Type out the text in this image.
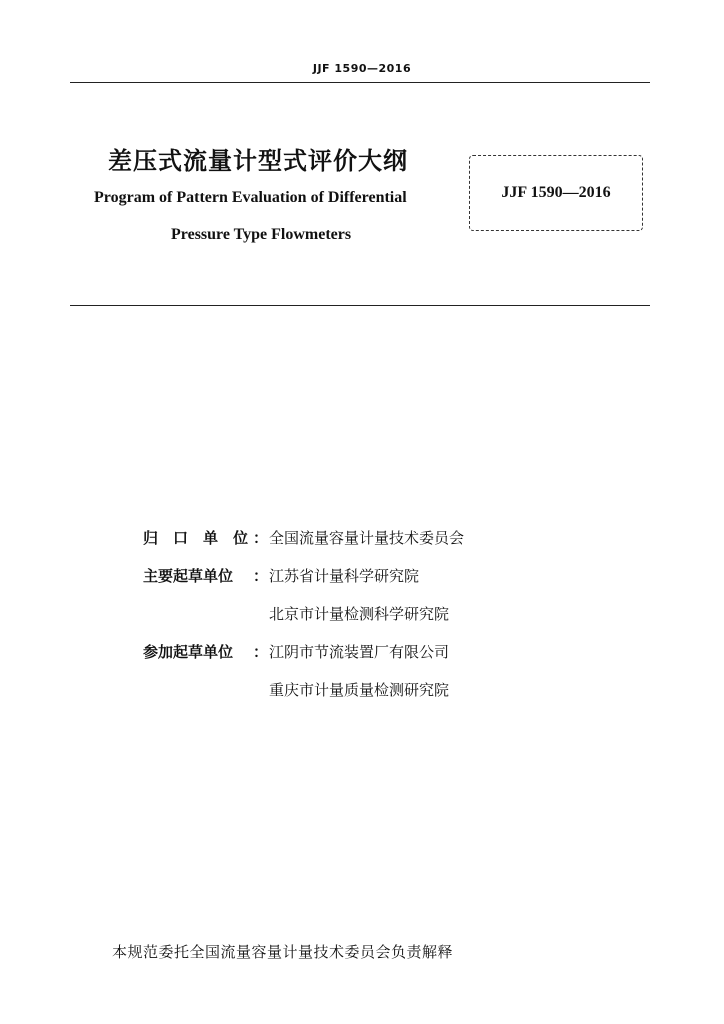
JJF 1590—2016
差压式流量计型式评价大纲
Program of Pattern Evaluation of Differential
Pressure Type Flowmeters
JJF 1590—2016
归 口 单 位 ： 全国流量容量计量技术委员会
主要起草单位	： 江苏省计量科学研究院
北京市计量检测科学研究院
参加起草单位	： 江阴市节流装置厂有限公司
重庆市计量质量检测研究院
本规范委托全国流量容量计量技术委员会负责解释
